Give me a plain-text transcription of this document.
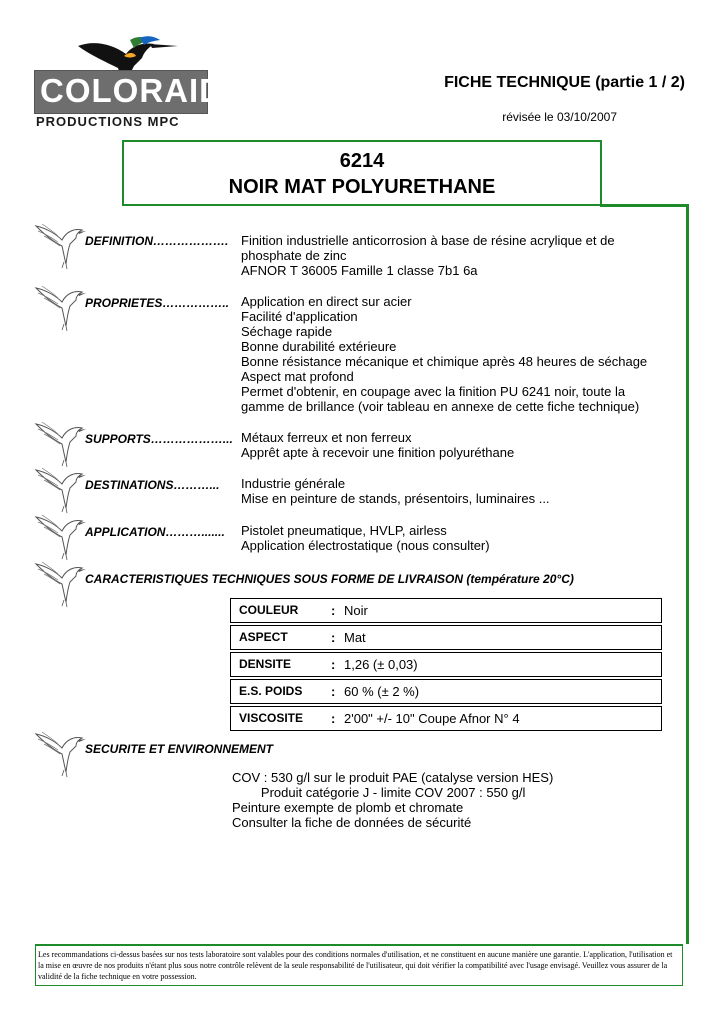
COLORAID
PRODUCTIONS MPC
FICHE TECHNIQUE (partie 1 / 2)
révisée le 03/10/2007
6214
NOIR MAT POLYURETHANE
DEFINITION………………. Finition industrielle anticorrosion à base de résine acrylique et de
phosphate de zinc
AFNOR T 36005 Famille 1 classe 7b1 6a
PROPRIETES…………….. Application en direct sur acier
Facilité d'application
Séchage rapide
Bonne durabilité extérieure
Bonne résistance mécanique et chimique après 48 heures de séchage
Aspect mat profond
Permet d'obtenir, en coupage avec la finition PU 6241 noir, toute la
gamme de brillance (voir tableau en annexe de cette fiche technique)
SUPPORTS………………... Métaux ferreux et non ferreux
Apprêt apte à recevoir une finition polyuréthane
DESTINATIONS………... Industrie générale
Mise en peinture de stands, présentoirs, luminaires ...
APPLICATION………....... Pistolet pneumatique, HVLP, airless
Application électrostatique (nous consulter)
CARACTERISTIQUES TECHNIQUES SOUS FORME DE LIVRAISON (température 20°C)
COULEUR	: Noir
ASPECT	: Mat
DENSITE	: 1,26 (± 0,03)
E.S. POIDS : 60 % (± 2 %)
VISCOSITE : 2'00" +/- 10" Coupe Afnor N° 4
SECURITE ET ENVIRONNEMENT
COV : 530 g/l sur le produit PAE (catalyse version HES)
Produit catégorie J - limite COV 2007 : 550 g/l
Peinture exempte de plomb et chromate
Consulter la fiche de données de sécurité
Les recommandations ci-dessus basées sur nos tests laboratoire sont valables pour des conditions normales d'utilisation, et ne constituent en aucune manière une garantie. L'application, l'utilisation et la mise en œuvre de nos produits n'étant plus sous notre contrôle relèvent de la seule responsabilité de l'utilisateur, qui doit vérifier la compatibilité avec l'usage envisagé. Veuillez vous assurer de la validité de la fiche technique en votre possession.
